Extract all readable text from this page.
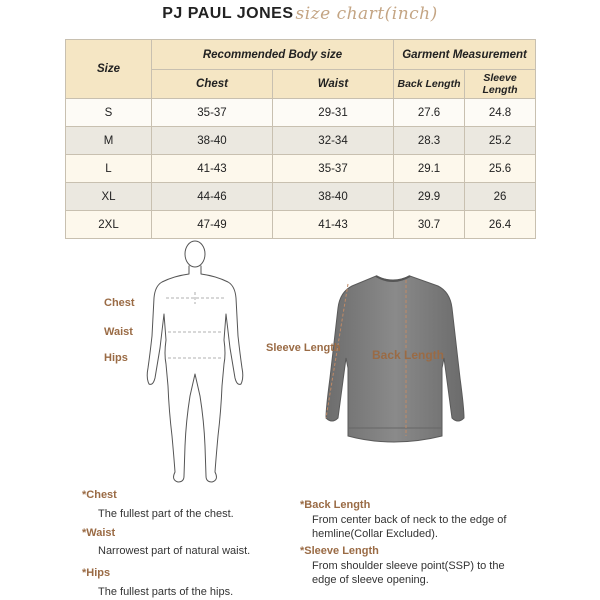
PJ PAUL JONES size chart(inch)
Size	Recommended Body size		Garment Measurement	
	Chest	Waist	Back Length	Sleeve Length
S	35-37	29-31	27.6	24.8
M	38-40	32-34	28.3	25.2
L	41-43	35-37	29.1	25.6
XL	44-46	38-40	29.9	26
2XL	47-49	41-43	30.7	26.4
Chest
Waist
Hips
Sleeve Length	Back Length
*Chest
The fullest part of the chest.
*Waist
Narrowest part of natural waist.
*Hips
The fullest parts of the hips.
*Back Length
From center back of neck to the edge of hemline(Collar Excluded).
*Sleeve Length
From shoulder sleeve point(SSP) to the edge of sleeve opening.
